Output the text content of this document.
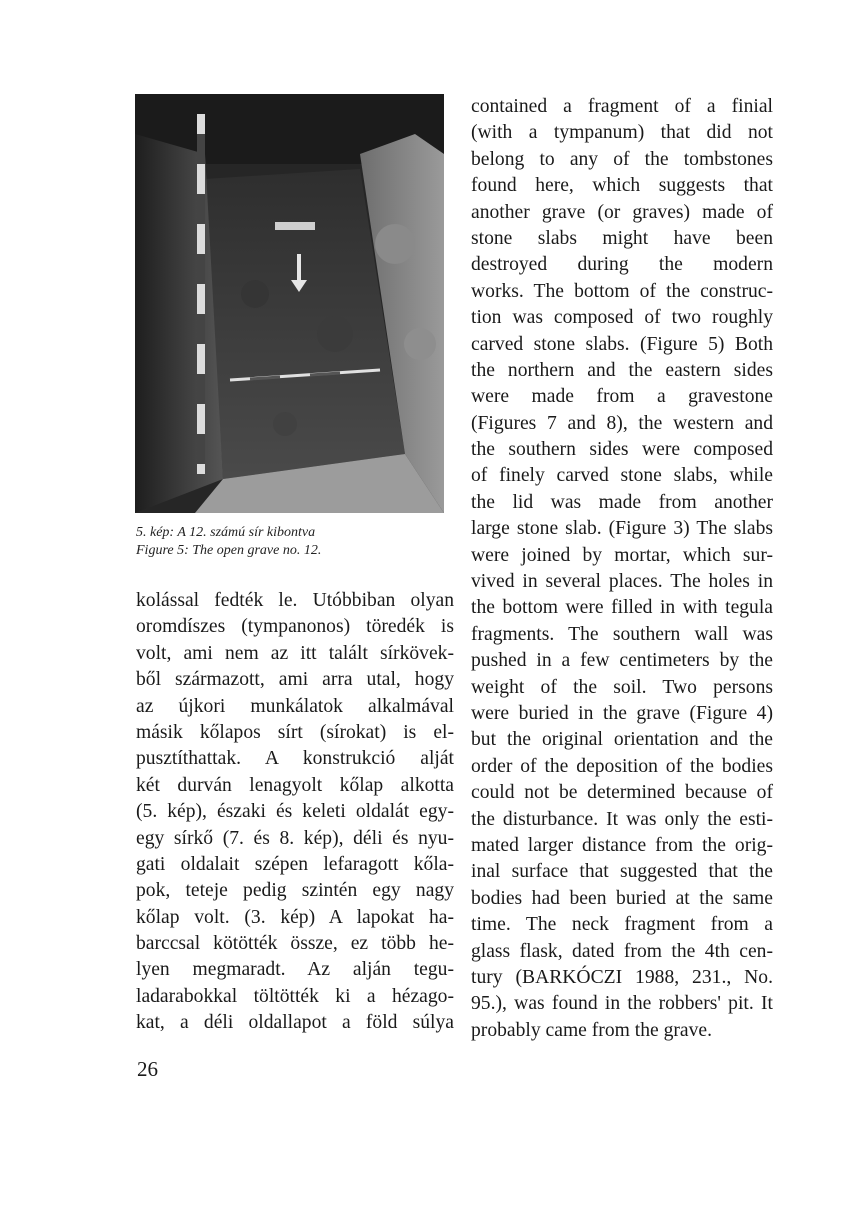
5. kép: A 12. számú sír kibontva
Figure 5: The open grave no. 12.
kolással fedték le. Utóbbiban olyan
oromdíszes (tympanonos) töredék is
volt, ami nem az itt talált sírkövek-
ből származott, ami arra utal, hogy
az újkori munkálatok alkalmával
másik kőlapos sírt (sírokat) is el-
pusztíthattak. A konstrukció alját
két durván lenagyolt kőlap alkotta
(5. kép), északi és keleti oldalát egy-
egy sírkő (7. és 8. kép), déli és nyu-
gati oldalait szépen lefaragott kőla-
pok, teteje pedig szintén egy nagy
kőlap volt. (3. kép) A lapokat ha-
barccsal kötötték össze, ez több he-
lyen megmaradt. Az alján tegu-
ladarabokkal töltötték ki a hézago-
kat, a déli oldallapot a föld súlya
contained a fragment of a finial
(with a tympanum) that did not
belong to any of the tombstones
found here, which suggests that
another grave (or graves) made of
stone slabs might have been
destroyed during the modern
works. The bottom of the construc-
tion was composed of two roughly
carved stone slabs. (Figure 5) Both
the northern and the eastern sides
were made from a gravestone
(Figures 7 and 8), the western and
the southern sides were composed
of finely carved stone slabs, while
the lid was made from another
large stone slab. (Figure 3) The slabs
were joined by mortar, which sur-
vived in several places. The holes in
the bottom were filled in with tegula
fragments. The southern wall was
pushed in a few centimeters by the
weight of the soil. Two persons
were buried in the grave (Figure 4)
but the original orientation and the
order of the deposition of the bodies
could not be determined because of
the disturbance. It was only the esti-
mated larger distance from the orig-
inal surface that suggested that the
bodies had been buried at the same
time. The neck fragment from a
glass flask, dated from the 4th cen-
tury (BARKÓCZI 1988, 231., No.
95.), was found in the robbers' pit. It
probably came from the grave.
26
